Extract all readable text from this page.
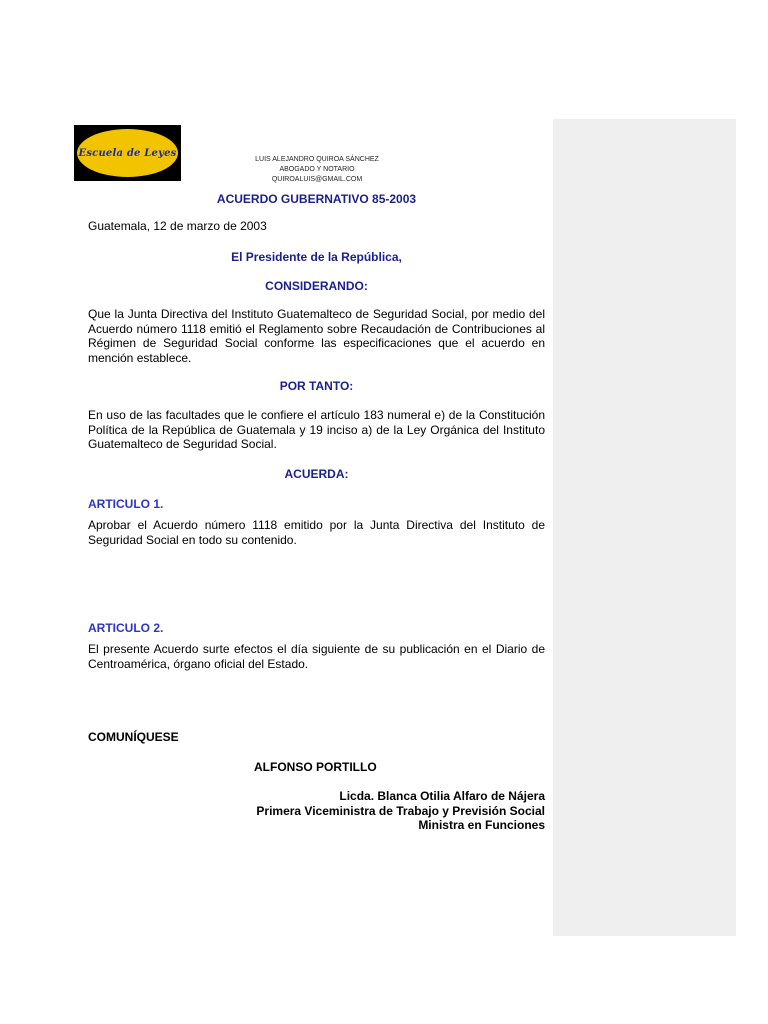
Escuela de Leyes
LUIS ALEJANDRO QUIROA SÁNCHEZ
ABOGADO Y NOTARIO
QUIROALUIS@GMAIL.COM
ACUERDO GUBERNATIVO 85-2003
Guatemala, 12 de marzo de 2003
El Presidente de la República,
CONSIDERANDO:
Que la Junta Directiva del Instituto Guatemalteco de Seguridad Social, por medio del Acuerdo número 1118 emitió el Reglamento sobre Recaudación de Contribuciones al Régimen de Seguridad Social conforme las especificaciones que el acuerdo en mención establece.
POR TANTO:
En uso de las facultades que le confiere el artículo 183 numeral e) de la Constitución Política de la República de Guatemala y 19 inciso a) de la Ley Orgánica del Instituto Guatemalteco de Seguridad Social.
ACUERDA:
ARTICULO 1.
Aprobar el Acuerdo número 1118 emitido por la Junta Directiva del Instituto de Seguridad Social en todo su contenido.
ARTICULO 2.
El presente Acuerdo surte efectos el día siguiente de su publicación en el Diario de Centroamérica, órgano oficial del Estado.
COMUNÍQUESE
ALFONSO PORTILLO
Licda. Blanca Otilia Alfaro de Nájera
Primera Viceministra de Trabajo y Previsión Social
Ministra en Funciones
